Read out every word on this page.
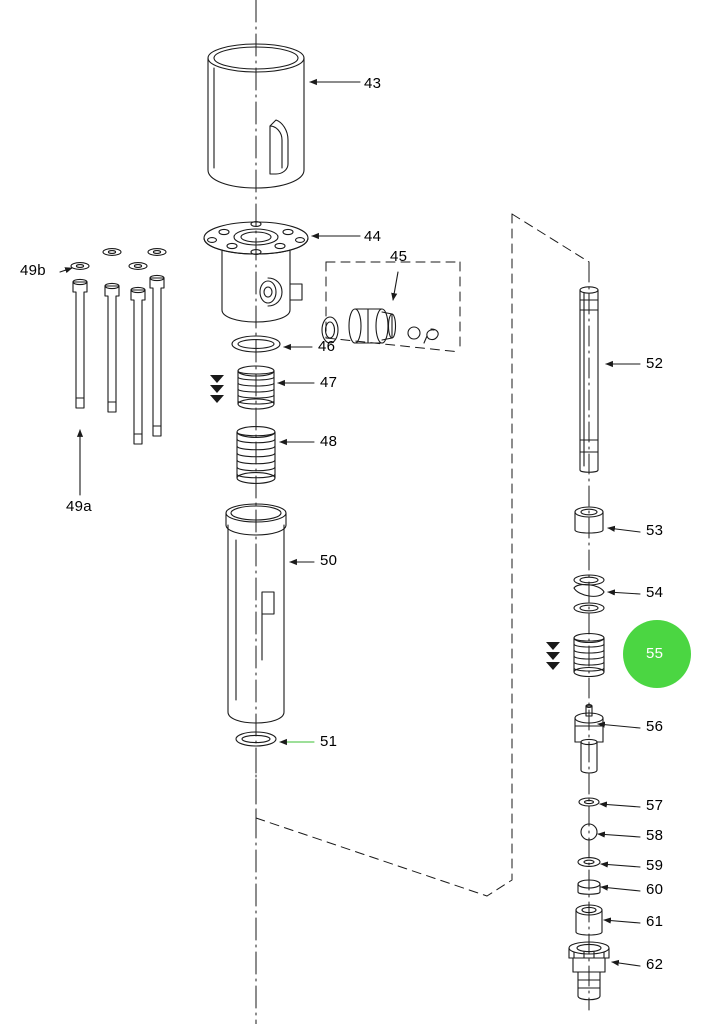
43
44
45
46
47
48
49a
49b
50
51
52
53
54
55
56
57
58
59
60
61
62
